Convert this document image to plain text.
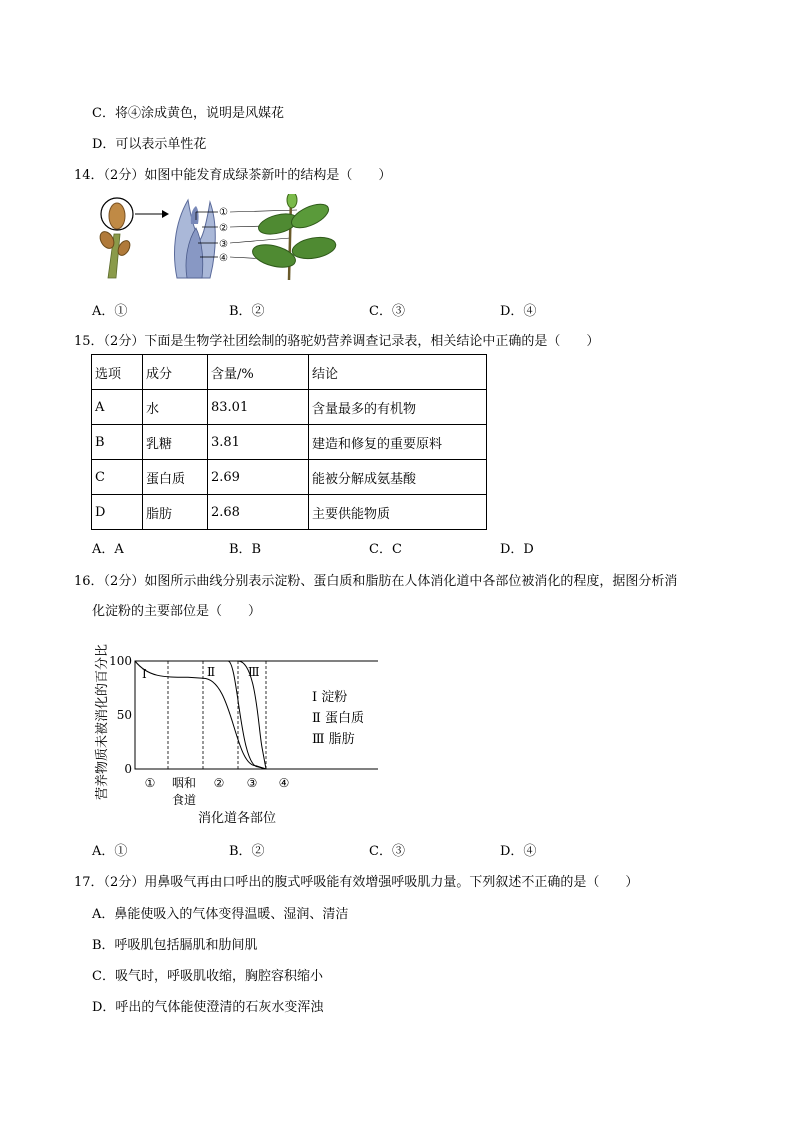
C．将④涂成黄色，说明是风媒花
D．可以表示单性花
14．（2分）如图中能发育成绿茶新叶的结构是（　　）
①
②
③
④
A．①	B．②	C．③	D．④
15．（2分）下面是生物学社团绘制的骆驼奶营养调查记录表，相关结论中正确的是（　　）
选项	成分	含量/%	结论
A	水	83.01	含量最多的有机物
B	乳糖	3.81	建造和修复的重要原料
C	蛋白质	2.69	能被分解成氨基酸
D	脂肪	2.68	主要供能物质
A．A	B．B	C．C	D．D
16．（2分）如图所示曲线分别表示淀粉、蛋白质和脂肪在人体消化道中各部位被消化的程度，据图分析消
化淀粉的主要部位是（　　）
营养物质未被消化的百分比 100
50
0
Ⅰ	Ⅱ	Ⅲ
① 咽和
食道
② ③ ④
消化道各部位
Ⅰ 淀粉
Ⅱ 蛋白质
Ⅲ 脂肪
A．①	B．②	C．③	D．④
17．（2分）用鼻吸气再由口呼出的腹式呼吸能有效增强呼吸肌力量。下列叙述不正确的是（　　）
A．鼻能使吸入的气体变得温暖、湿润、清洁
B．呼吸肌包括膈肌和肋间肌
C．吸气时，呼吸肌收缩，胸腔容积缩小
D．呼出的气体能使澄清的石灰水变浑浊
